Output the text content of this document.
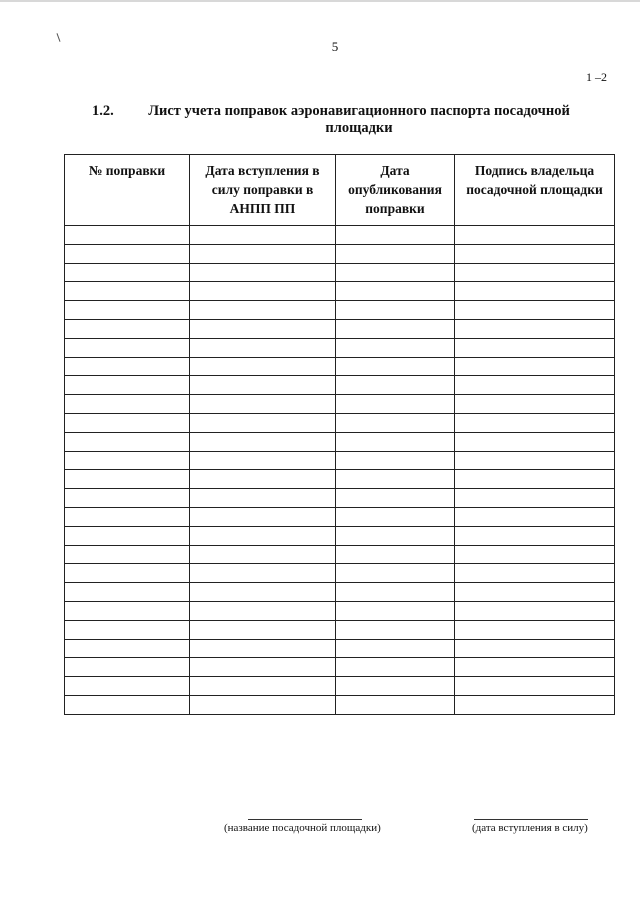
5
1 –2
1.2.	Лист учета поправок аэронавигационного паспорта посадочной площадки
№ поправки	Дата вступления в силу поправки в АНПП ПП	Дата опубликования поправки	Подпись владельца посадочной площадки

(название посадочной площадки)	(дата вступления в силу)
